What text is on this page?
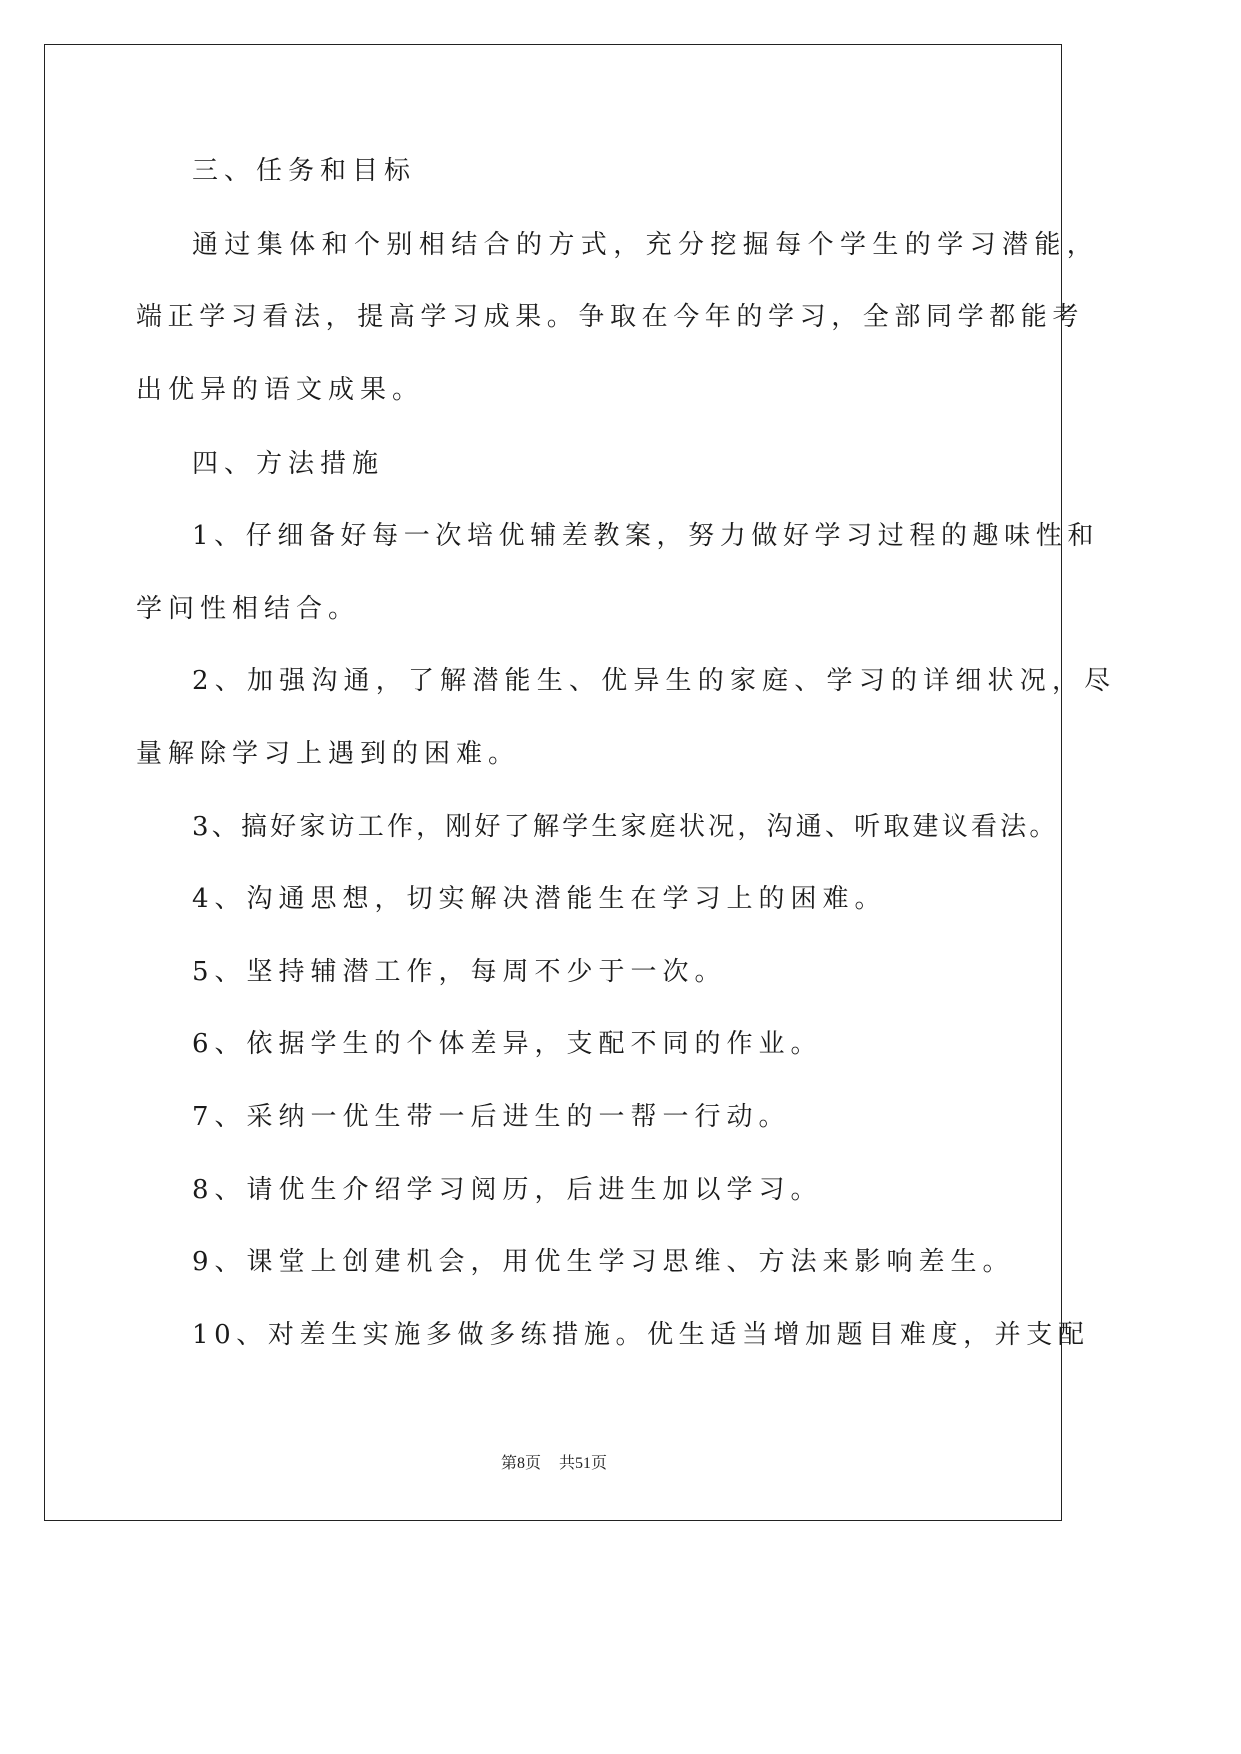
三、任务和目标
通过集体和个别相结合的方式，充分挖掘每个学生的学习潜能，
端正学习看法，提高学习成果。争取在今年的学习，全部同学都能考
出优异的语文成果。
四、方法措施
1、仔细备好每一次培优辅差教案，努力做好学习过程的趣味性和
学问性相结合。
2、加强沟通，了解潜能生、优异生的家庭、学习的详细状况，尽
量解除学习上遇到的困难。
3、搞好家访工作，刚好了解学生家庭状况，沟通、听取建议看法。
4、沟通思想，切实解决潜能生在学习上的困难。
5、坚持辅潜工作，每周不少于一次。
6、依据学生的个体差异，支配不同的作业。
7、采纳一优生带一后进生的一帮一行动。
8、请优生介绍学习阅历，后进生加以学习。
9、课堂上创建机会，用优生学习思维、方法来影响差生。
10、对差生实施多做多练措施。优生适当增加题目难度，并支配
第8页 共51页
